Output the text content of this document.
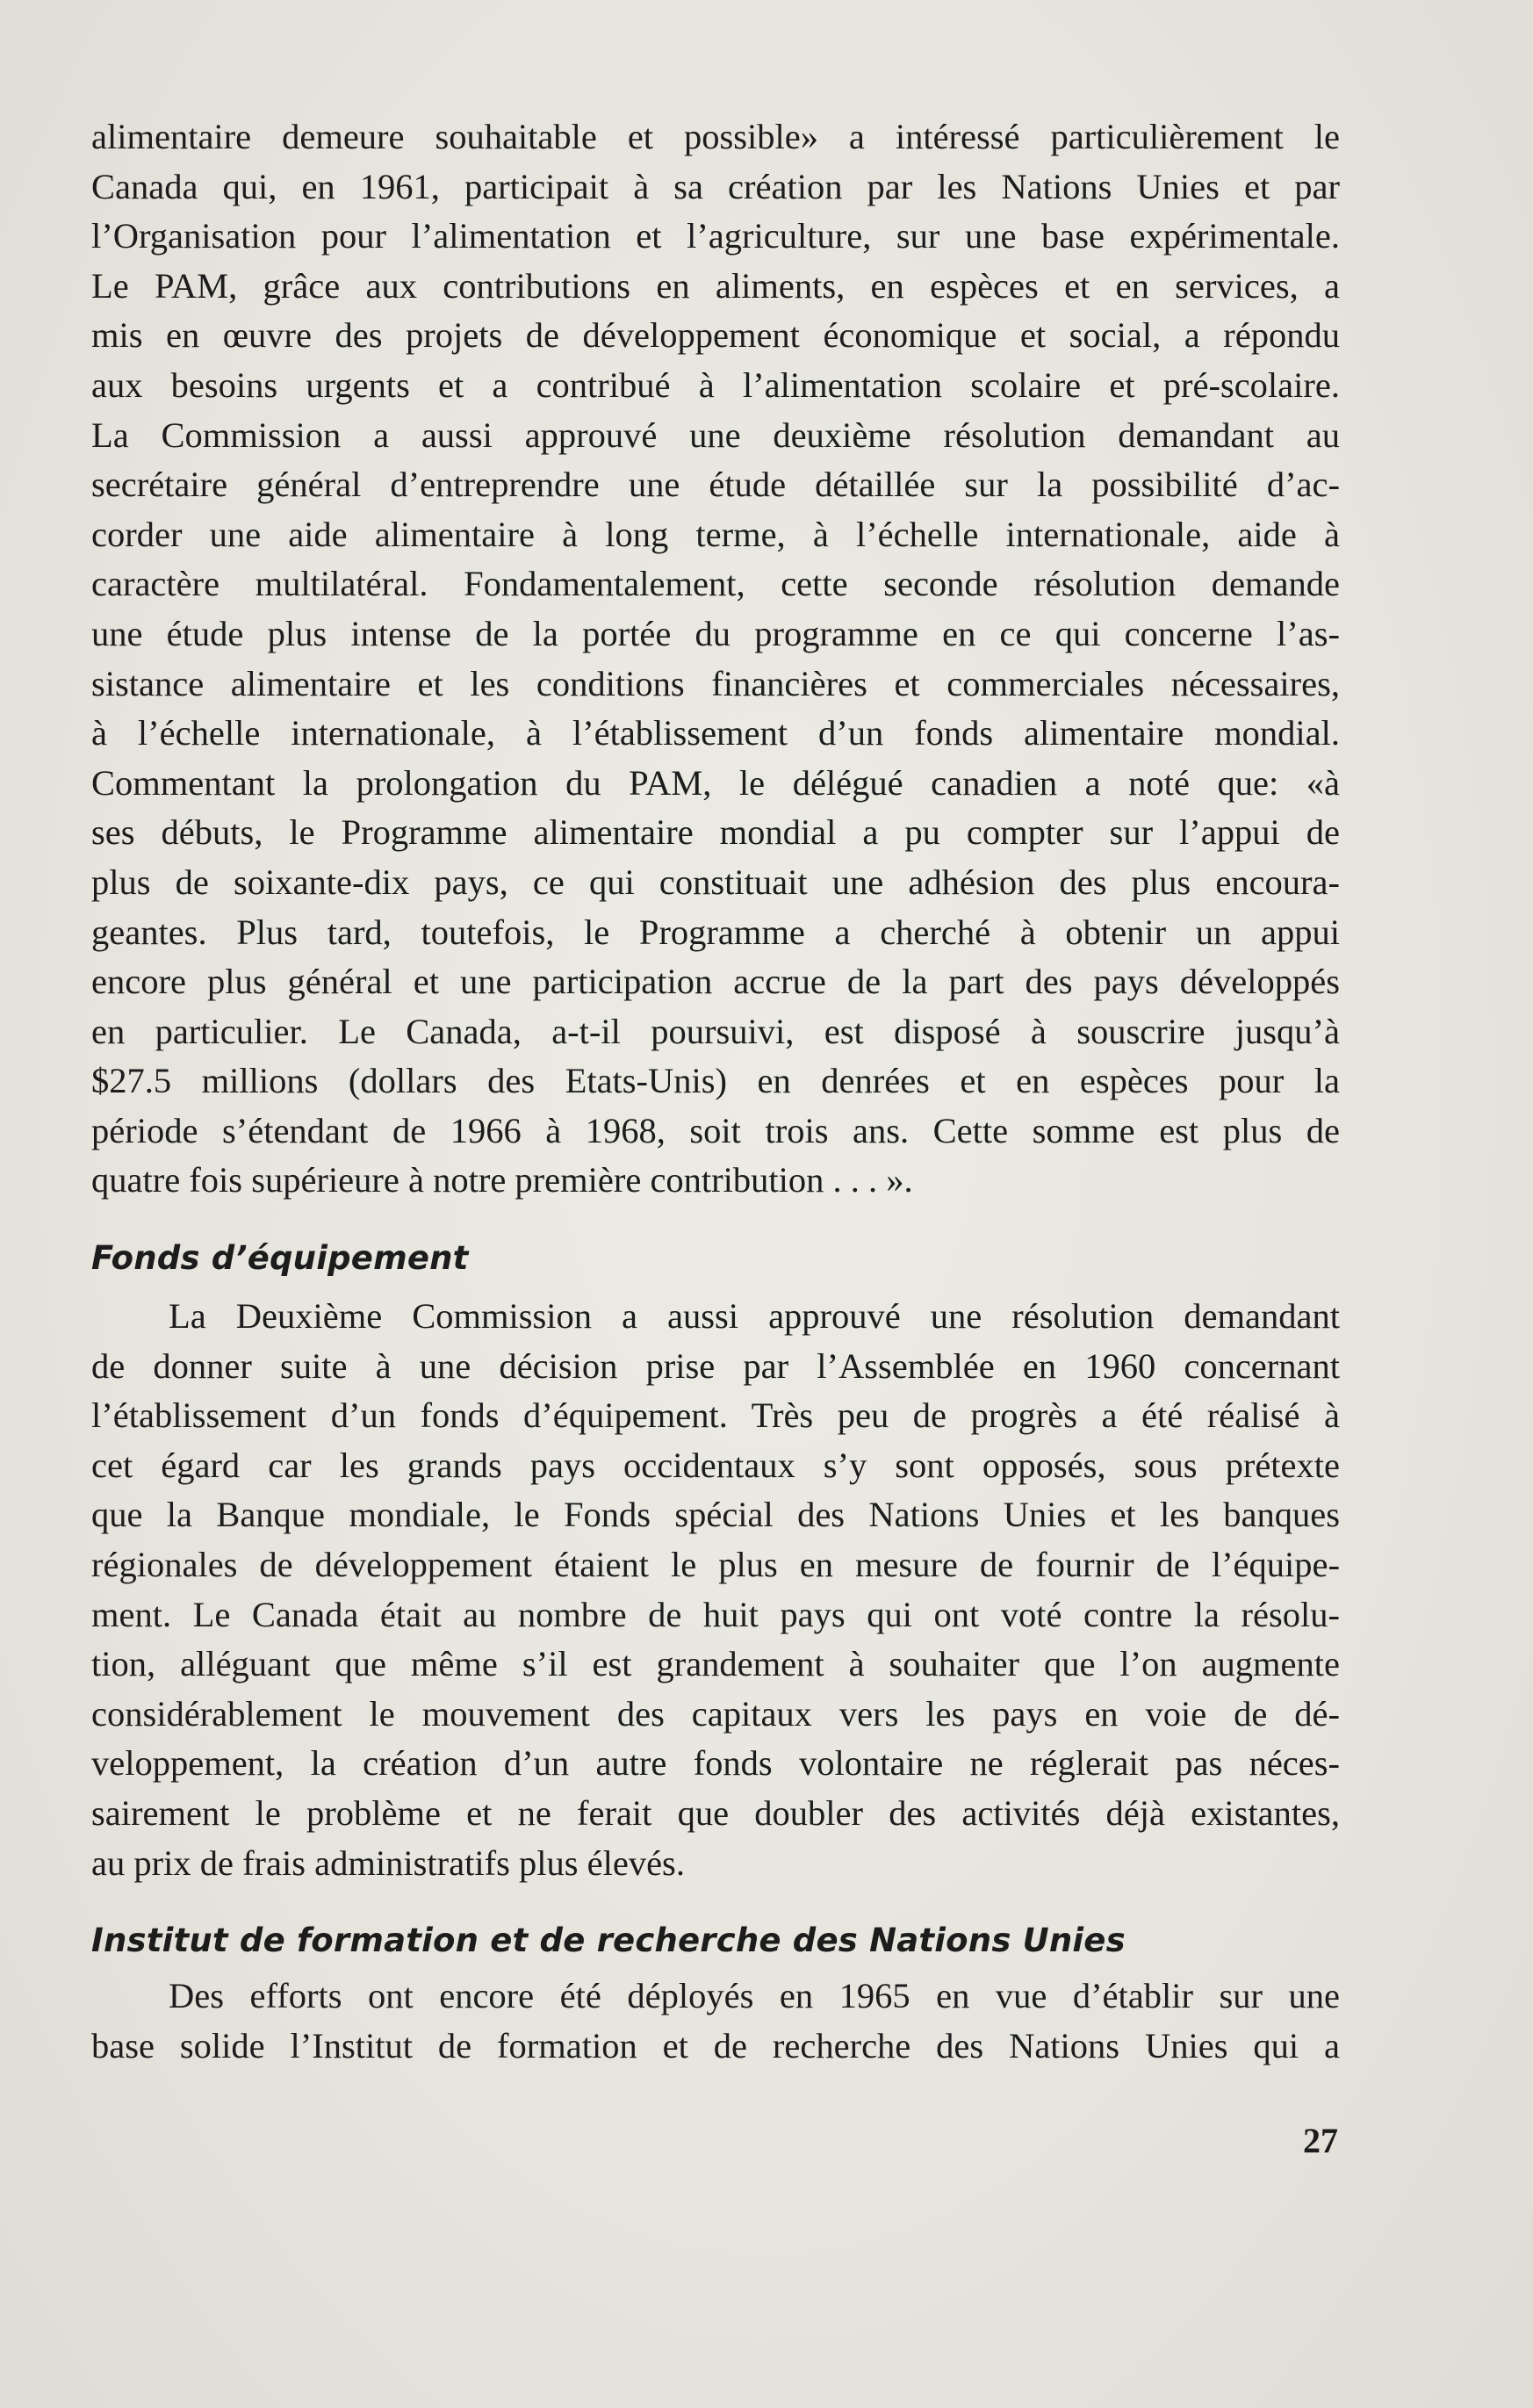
alimentaire demeure souhaitable et possible» a intéressé particulièrement le
Canada qui, en 1961, participait à sa création par les Nations Unies et par
l’Organisation pour l’alimentation et l’agriculture, sur une base expérimentale.
Le PAM, grâce aux contributions en aliments, en espèces et en services, a
mis en œuvre des projets de développement économique et social, a répondu
aux besoins urgents et a contribué à l’alimentation scolaire et pré-scolaire.
La Commission a aussi approuvé une deuxième résolution demandant au
secrétaire général d’entreprendre une étude détaillée sur la possibilité d’ac-
corder une aide alimentaire à long terme, à l’échelle internationale, aide à
caractère multilatéral. Fondamentalement, cette seconde résolution demande
une étude plus intense de la portée du programme en ce qui concerne l’as-
sistance alimentaire et les conditions financières et commerciales nécessaires,
à l’échelle internationale, à l’établissement d’un fonds alimentaire mondial.
Commentant la prolongation du PAM, le délégué canadien a noté que: «à
ses débuts, le Programme alimentaire mondial a pu compter sur l’appui de
plus de soixante-dix pays, ce qui constituait une adhésion des plus encoura-
geantes. Plus tard, toutefois, le Programme a cherché à obtenir un appui
encore plus général et une participation accrue de la part des pays développés
en particulier. Le Canada, a-t-il poursuivi, est disposé à souscrire jusqu’à
$27.5 millions (dollars des Etats-Unis) en denrées et en espèces pour la
période s’étendant de 1966 à 1968, soit trois ans. Cette somme est plus de
quatre fois supérieure à notre première contribution . . . ».
Fonds d’équipement
La Deuxième Commission a aussi approuvé une résolution demandant
de donner suite à une décision prise par l’Assemblée en 1960 concernant
l’établissement d’un fonds d’équipement. Très peu de progrès a été réalisé à
cet égard car les grands pays occidentaux s’y sont opposés, sous prétexte
que la Banque mondiale, le Fonds spécial des Nations Unies et les banques
régionales de développement étaient le plus en mesure de fournir de l’équipe-
ment. Le Canada était au nombre de huit pays qui ont voté contre la résolu-
tion, alléguant que même s’il est grandement à souhaiter que l’on augmente
considérablement le mouvement des capitaux vers les pays en voie de dé-
veloppement, la création d’un autre fonds volontaire ne réglerait pas néces-
sairement le problème et ne ferait que doubler des activités déjà existantes,
au prix de frais administratifs plus élevés.
Institut de formation et de recherche des Nations Unies
Des efforts ont encore été déployés en 1965 en vue d’établir sur une
base solide l’Institut de formation et de recherche des Nations Unies qui a
27
